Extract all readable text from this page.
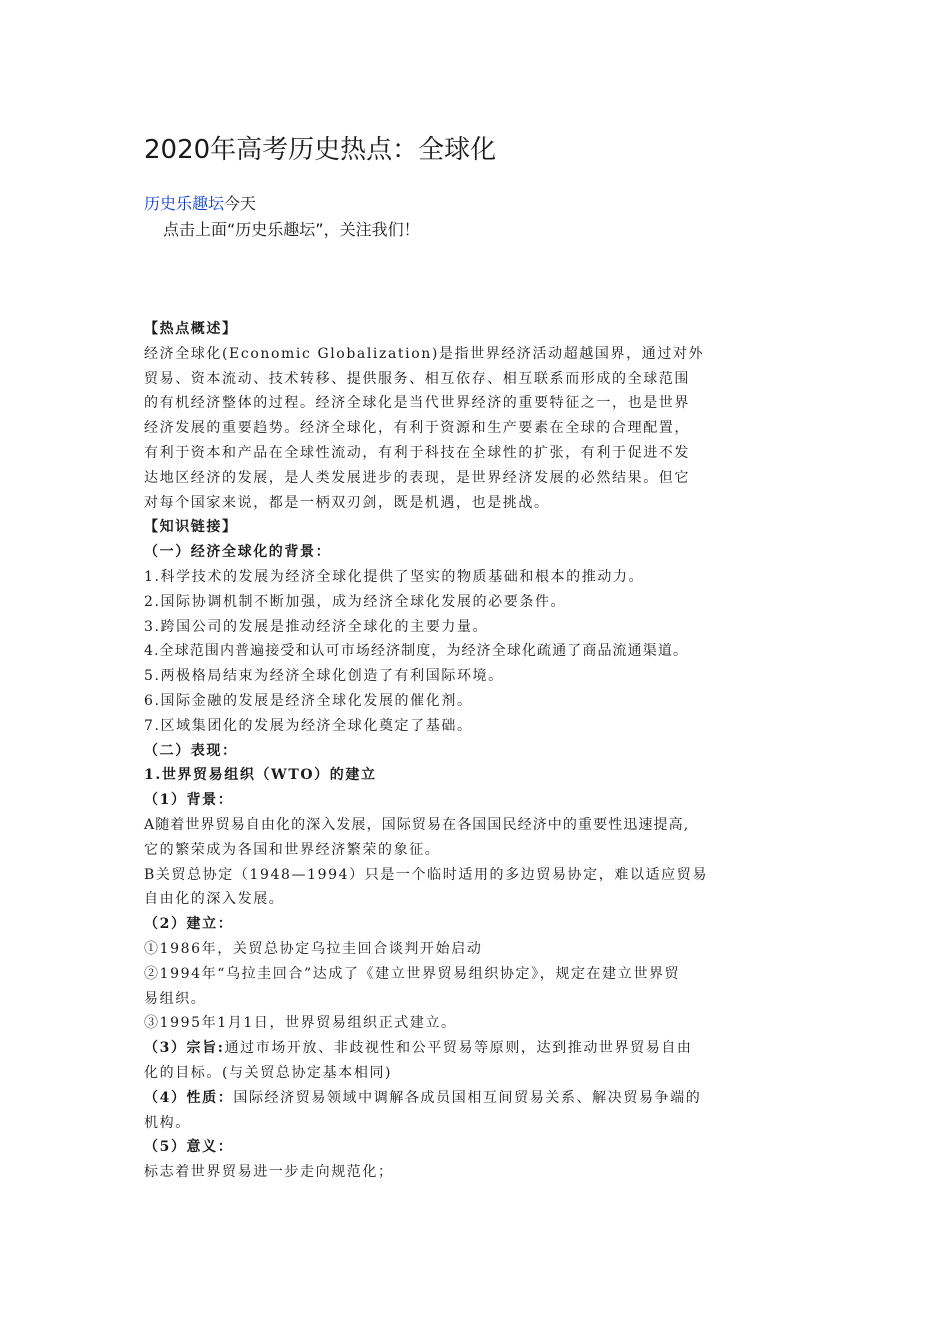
2020年高考历史热点：全球化
历史乐趣坛今天
点击上面“历史乐趣坛”，关注我们！
【热点概述】
经济全球化(Economic Globalization)是指世界经济活动超越国界，通过对外
贸易、资本流动、技术转移、提供服务、相互依存、相互联系而形成的全球范围
的有机经济整体的过程。经济全球化是当代世界经济的重要特征之一，也是世界
经济发展的重要趋势。经济全球化，有利于资源和生产要素在全球的合理配置，
有利于资本和产品在全球性流动，有利于科技在全球性的扩张，有利于促进不发
达地区经济的发展，是人类发展进步的表现，是世界经济发展的必然结果。但它
对每个国家来说，都是一柄双刃剑，既是机遇，也是挑战。
【知识链接】
（一）经济全球化的背景：
1.科学技术的发展为经济全球化提供了坚实的物质基础和根本的推动力。
2.国际协调机制不断加强，成为经济全球化发展的必要条件。
3.跨国公司的发展是推动经济全球化的主要力量。
4.全球范围内普遍接受和认可市场经济制度，为经济全球化疏通了商品流通渠道。
5.两极格局结束为经济全球化创造了有利国际环境。
6.国际金融的发展是经济全球化发展的催化剂。
7.区域集团化的发展为经济全球化奠定了基础。
（二）表现：
1.世界贸易组织（WTO）的建立
（1）背景：
A随着世界贸易自由化的深入发展，国际贸易在各国国民经济中的重要性迅速提高,
它的繁荣成为各国和世界经济繁荣的象征。
B关贸总协定（1948—1994）只是一个临时适用的多边贸易协定，难以适应贸易
自由化的深入发展。
（2）建立：
①1986年，关贸总协定乌拉圭回合谈判开始启动
②1994年“乌拉圭回合”达成了《建立世界贸易组织协定》，规定在建立世界贸
易组织。
③1995年1月1日，世界贸易组织正式建立。
（3）宗旨:通过市场开放、非歧视性和公平贸易等原则，达到推动世界贸易自由
化的目标。(与关贸总协定基本相同)
（4）性质：国际经济贸易领域中调解各成员国相互间贸易关系、解决贸易争端的
机构。
（5）意义：
标志着世界贸易进一步走向规范化；
